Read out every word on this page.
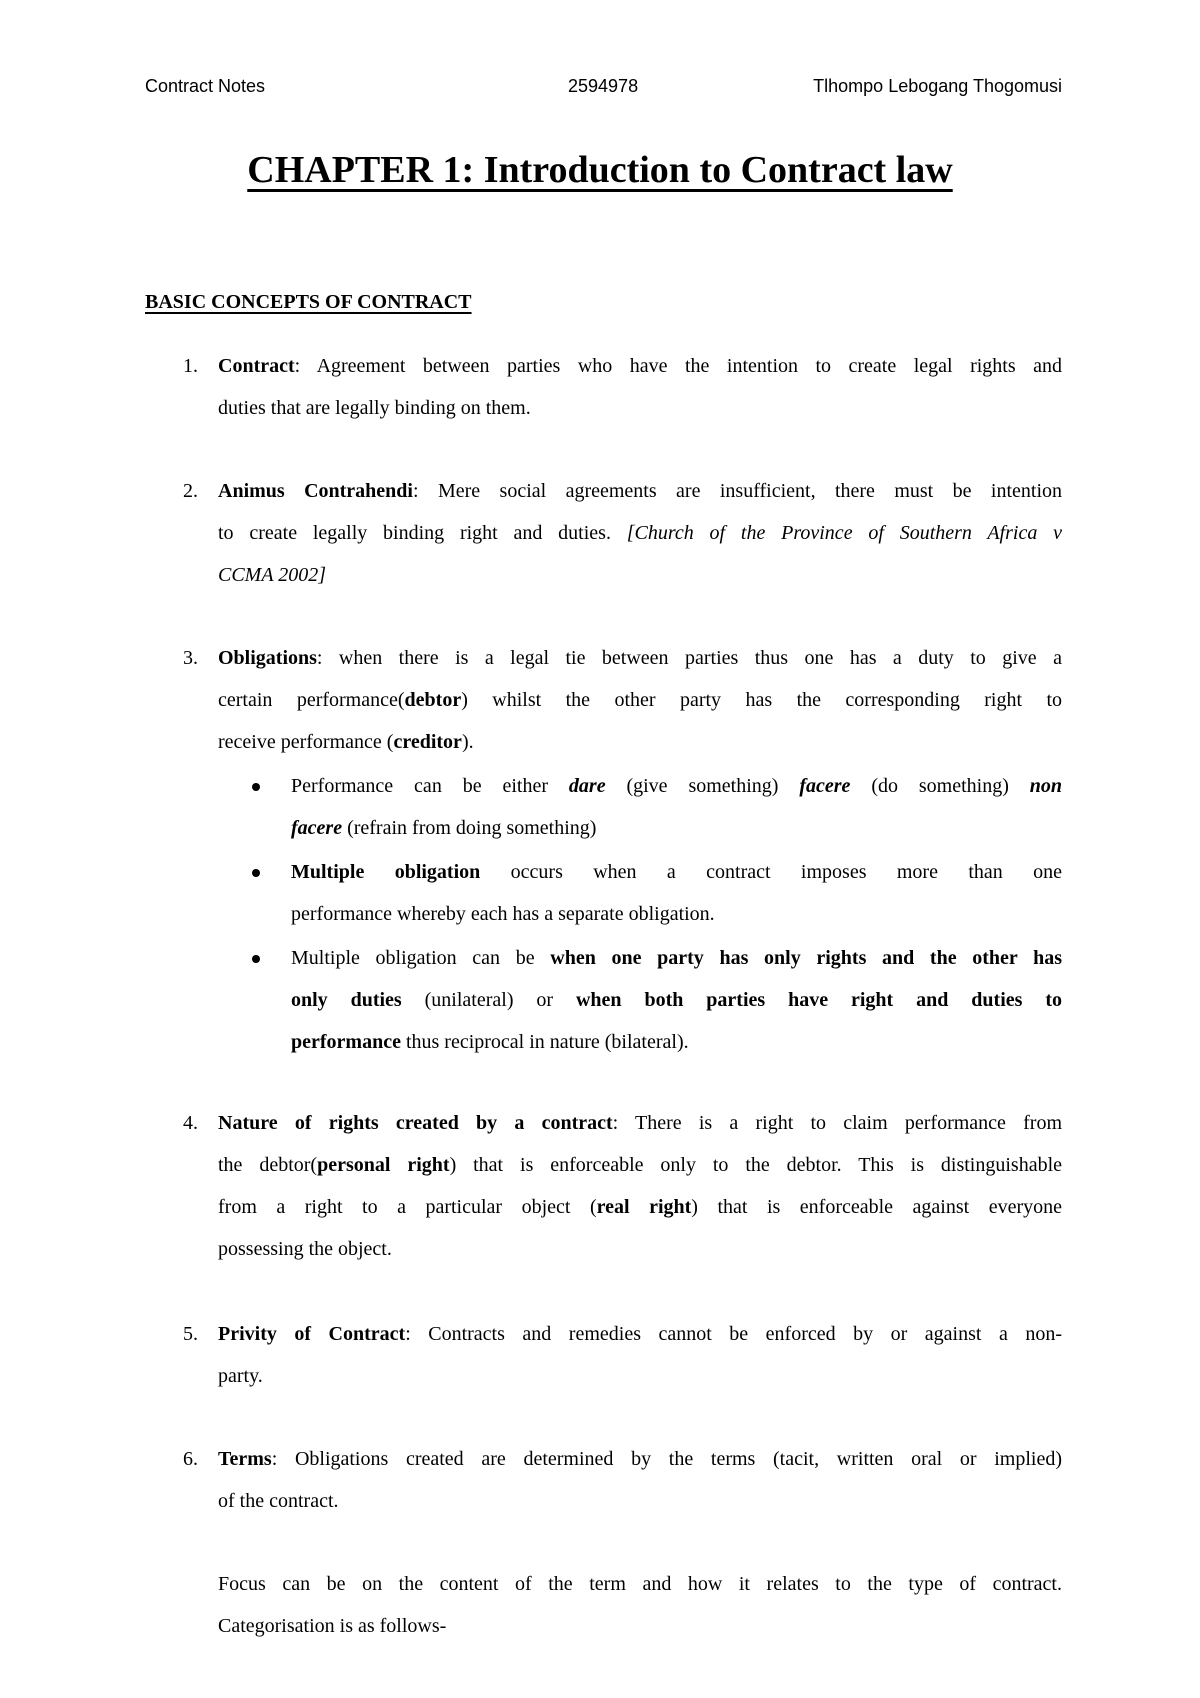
Contract Notes	2594978	Tlhompo Lebogang Thogomusi
CHAPTER 1: Introduction to Contract law
BASIC CONCEPTS OF CONTRACT
1. Contract: Agreement between parties who have the intention to create legal rights and
duties that are legally binding on them.
2. Animus Contrahendi: Mere social agreements are insufficient, there must be intention
to create legally binding right and duties. [Church of the Province of Southern Africa v
CCMA 2002]
3. Obligations: when there is a legal tie between parties thus one has a duty to give a
certain performance(debtor) whilst the other party has the corresponding right to
receive performance (creditor).
Performance can be either dare (give something) facere (do something) non
facere (refrain from doing something)
Multiple obligation occurs when a contract imposes more than one
performance whereby each has a separate obligation.
Multiple obligation can be when one party has only rights and the other has
only duties (unilateral) or when both parties have right and duties to
performance thus reciprocal in nature (bilateral).
4. Nature of rights created by a contract: There is a right to claim performance from
the debtor(personal right) that is enforceable only to the debtor. This is distinguishable
from a right to a particular object (real right) that is enforceable against everyone
possessing the object.
5. Privity of Contract: Contracts and remedies cannot be enforced by or against a non-
party.
6. Terms: Obligations created are determined by the terms (tacit, written oral or implied)
of the contract.
Focus can be on the content of the term and how it relates to the type of contract.
Categorisation is as follows-
